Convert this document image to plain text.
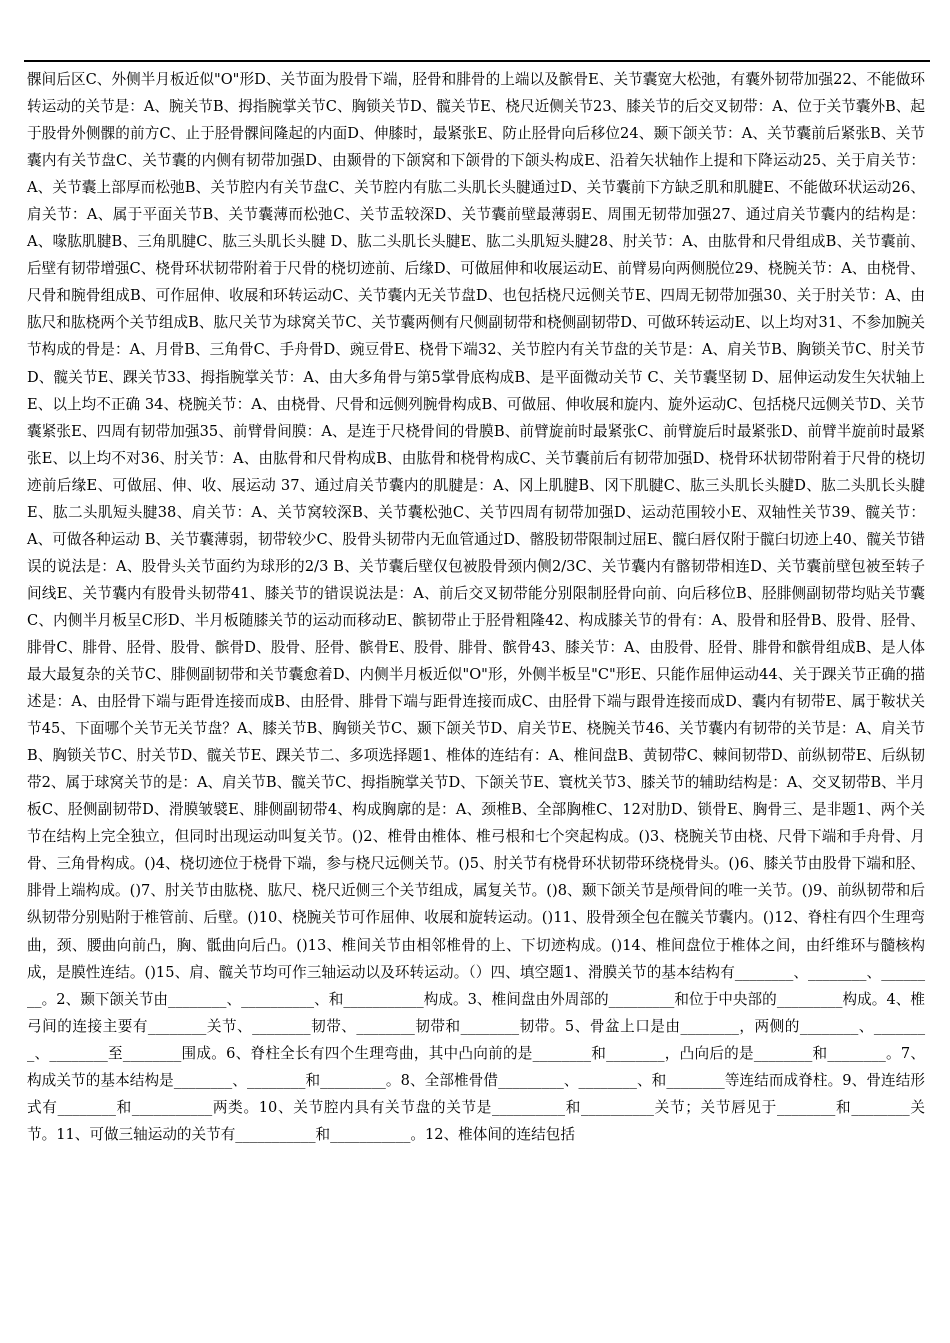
髁间后区C、外侧半月板近似"O"形D、关节面为股骨下端，胫骨和腓骨的上端以及髌骨E、关节囊宽大松弛，有囊外韧带加强22、不能做环转运动的关节是：A、腕关节B、拇指腕掌关节C、胸锁关节D、髋关节E、桡尺近侧关节23、膝关节的后交叉韧带：A、位于关节囊外B、起于股骨外侧髁的前方C、止于胫骨髁间隆起的内面D、伸膝时，最紧张E、防止胫骨向后移位24、颞下颌关节：A、关节囊前后紧张B、关节囊内有关节盘C、关节囊的内侧有韧带加强D、由颞骨的下颌窝和下颌骨的下颌头构成E、沿着矢状轴作上提和下降运动25、关于肩关节：A、关节囊上部厚而松弛B、关节腔内有关节盘C、关节腔内有肱二头肌长头腱通过D、关节囊前下方缺乏肌和肌腱E、不能做环状运动26、肩关节：A、属于平面关节B、关节囊薄而松弛C、关节盂较深D、关节囊前壁最薄弱E、周围无韧带加强27、通过肩关节囊内的结构是：A、喙肱肌腱B、三角肌腱C、肱三头肌长头腱 D、肱二头肌长头腱E、肱二头肌短头腱28、肘关节：A、由肱骨和尺骨组成B、关节囊前、后壁有韧带增强C、桡骨环状韧带附着于尺骨的桡切迹前、后缘D、可做屈伸和收展运动E、前臂易向两侧脱位29、桡腕关节：A、由桡骨、尺骨和腕骨组成B、可作屈伸、收展和环转运动C、关节囊内无关节盘D、也包括桡尺远侧关节E、四周无韧带加强30、关于肘关节：A、由肱尺和肱桡两个关节组成B、肱尺关节为球窝关节C、关节囊两侧有尺侧副韧带和桡侧副韧带D、可做环转运动E、以上均对31、不参加腕关节构成的骨是：A、月骨B、三角骨C、手舟骨D、豌豆骨E、桡骨下端32、关节腔内有关节盘的关节是：A、肩关节B、胸锁关节C、肘关节D、髋关节E、踝关节33、拇指腕掌关节：A、由大多角骨与第5掌骨底构成B、是平面微动关节 C、关节囊坚韧 D、屈伸运动发生矢状轴上 E、以上均不正确 34、桡腕关节：A、由桡骨、尺骨和远侧列腕骨构成B、可做屈、伸收展和旋内、旋外运动C、包括桡尺远侧关节D、关节囊紧张E、四周有韧带加强35、前臂骨间膜：A、是连于尺桡骨间的骨膜B、前臂旋前时最紧张C、前臂旋后时最紧张D、前臂半旋前时最紧张E、以上均不对36、肘关节：A、由肱骨和尺骨构成B、由肱骨和桡骨构成C、关节囊前后有韧带加强D、桡骨环状韧带附着于尺骨的桡切迹前后缘E、可做屈、伸、收、展运动 37、通过肩关节囊内的肌腱是：A、冈上肌腱B、冈下肌腱C、肱三头肌长头腱D、肱二头肌长头腱E、肱二头肌短头腱38、肩关节：A、关节窝较深B、关节囊松弛C、关节四周有韧带加强D、运动范围较小E、双轴性关节39、髋关节：A、可做各种运动 B、关节囊薄弱，韧带较少C、股骨头韧带内无血管通过D、髂股韧带限制过屈E、髋臼唇仅附于髋臼切迹上40、髋关节错误的说法是：A、股骨头关节面约为球形的2/3 B、关节囊后壁仅包被股骨颈内侧2/3C、关节囊内有髂韧带相连D、关节囊前壁包被至转子间线E、关节囊内有股骨头韧带41、膝关节的错误说法是：A、前后交叉韧带能分别限制胫骨向前、向后移位B、胫腓侧副韧带均贴关节囊C、内侧半月板呈C形D、半月板随膝关节的运动而移动E、髌韧带止于胫骨粗隆42、构成膝关节的骨有：A、股骨和胫骨B、股骨、胫骨、腓骨C、腓骨、胫骨、股骨、髌骨D、股骨、胫骨、髌骨E、股骨、腓骨、髌骨43、膝关节：A、由股骨、胫骨、腓骨和髌骨组成B、是人体最大最复杂的关节C、腓侧副韧带和关节囊愈着D、内侧半月板近似"O"形，外侧半板呈"C"形E、只能作屈伸运动44、关于踝关节正确的描述是：A、由胫骨下端与距骨连接而成B、由胫骨、腓骨下端与距骨连接而成C、由胫骨下端与跟骨连接而成D、囊内有韧带E、属于鞍状关节45、下面哪个关节无关节盘？A、膝关节B、胸锁关节C、颞下颌关节D、肩关节E、桡腕关节46、关节囊内有韧带的关节是：A、肩关节B、胸锁关节C、肘关节D、髋关节E、踝关节二、多项选择题1、椎体的连结有：A、椎间盘B、黄韧带C、棘间韧带D、前纵韧带E、后纵韧带2、属于球窝关节的是：A、肩关节B、髋关节C、拇指腕掌关节D、下颌关节E、寰枕关节3、膝关节的辅助结构是：A、交叉韧带B、半月板C、胫侧副韧带D、滑膜皱襞E、腓侧副韧带4、构成胸廓的是：A、颈椎B、全部胸椎C、12对肋D、锁骨E、胸骨三、是非题1、两个关节在结构上完全独立，但同时出现运动叫复关节。()2、椎骨由椎体、椎弓根和七个突起构成。()3、桡腕关节由桡、尺骨下端和手舟骨、月骨、三角骨构成。()4、桡切迹位于桡骨下端，参与桡尺远侧关节。()5、肘关节有桡骨环状韧带环绕桡骨头。()6、膝关节由股骨下端和胫、腓骨上端构成。()7、肘关节由肱桡、肱尺、桡尺近侧三个关节组成，属复关节。()8、颞下颌关节是颅骨间的唯一关节。()9、前纵韧带和后纵韧带分别贴附于椎管前、后壁。()10、桡腕关节可作屈伸、收展和旋转运动。()11、股骨颈全包在髋关节囊内。()12、脊柱有四个生理弯曲，颈、腰曲向前凸，胸、骶曲向后凸。()13、椎间关节由相邻椎骨的上、下切迹构成。()14、椎间盘位于椎体之间，由纤维环与髓核构成，是膜性连结。()15、肩、髋关节均可作三轴运动以及环转运动。（）四、填空题1、滑膜关节的基本结构有________、________、________。2、颞下颌关节由________、__________、和___________构成。3、椎间盘由外周部的_________和位于中央部的_________构成。4、椎弓间的连接主要有________关节、________韧带、________韧带和________韧带。5、骨盆上口是由________，两侧的________、________、________至________围成。6、脊柱全长有四个生理弯曲，其中凸向前的是________和________，凸向后的是________和________。7、构成关节的基本结构是________、________和_________。8、全部椎骨借_________、________、和________等连结而成脊柱。9、骨连结形式有________和___________两类。10、关节腔内具有关节盘的关节是__________和__________关节；关节唇见于________和________关节。11、可做三轴运动的关节有___________和___________。12、椎体间的连结包括
